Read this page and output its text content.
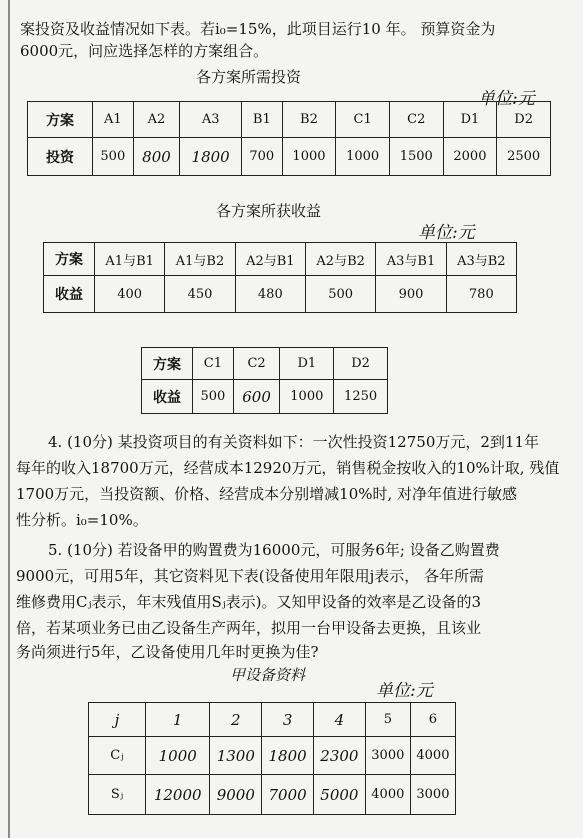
案投资及收益情况如下表。若i₀=15%，此项目运行10 年。 预算资金为
6000元，问应选择怎样的方案组合。
各方案所需投资
单位:元
方案	A1	A2	A3	B1	B2	C1	C2	D1	D2
投资	500	800	1800	700	1000	1000	1500	2000	2500
各方案所获收益
单位:元
方案	A1与B1	A1与B2	A2与B1	A2与B2	A3与B1	A3与B2
收益	400	450	480	500	900	780
方案	C1	C2	D1	D2
收益	500	600	1000	1250
4. (10分) 某投资项目的有关资料如下：一次性投资12750万元，2到11年
每年的收入18700万元，经营成本12920万元，销售税金按收入的10%计取, 残值
1700万元，当投资额、价格、经营成本分别增减10%时, 对净年值进行敏感
性分析。i₀=10%。
5. (10分) 若设备甲的购置费为16000元，可服务6年; 设备乙购置费
9000元，可用5年，其它资料见下表(设备使用年限用j表示， 各年所需
维修费用Cⱼ表示，年末残值用Sⱼ表示)。又知甲设备的效率是乙设备的3
倍，若某项业务已由乙设备生产两年，拟用一台甲设备去更换，且该业
务尚须进行5年，乙设备使用几年时更换为佳?
甲设备资料
单位:元
j	1	2	3	4	5	6
Cⱼ	1000	1300	1800	2300	3000	4000
Sⱼ	12000	9000	7000	5000	4000	3000
